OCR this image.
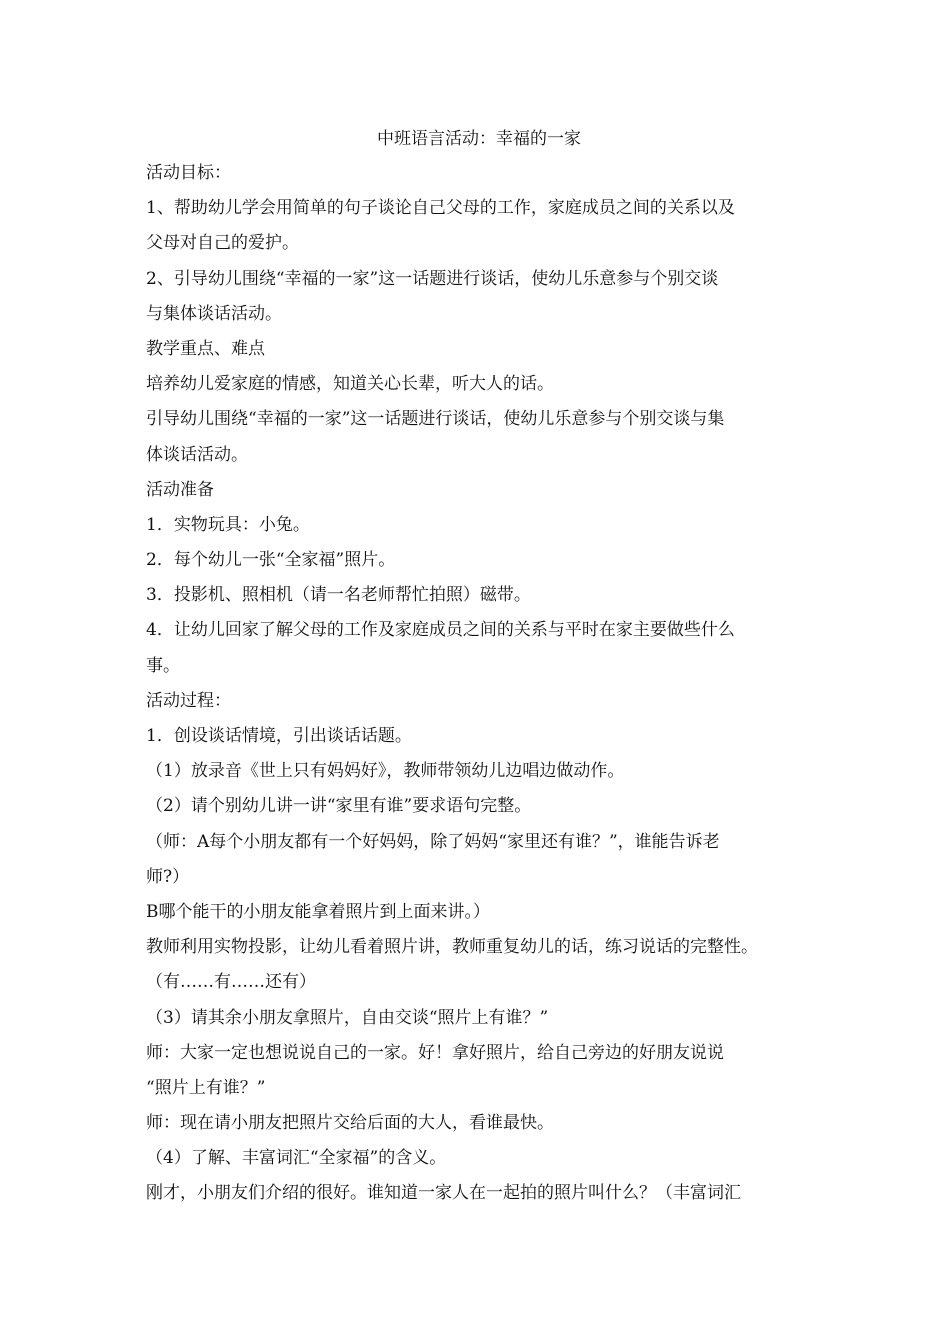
中班语言活动：幸福的一家
活动目标：
1、帮助幼儿学会用简单的句子谈论自己父母的工作，家庭成员之间的关系以及
父母对自己的爱护。
2、引导幼儿围绕“幸福的一家”这一话题进行谈话，使幼儿乐意参与个别交谈
与集体谈话活动。
教学重点、难点
培养幼儿爱家庭的情感，知道关心长辈，听大人的话。
引导幼儿围绕“幸福的一家”这一话题进行谈话，使幼儿乐意参与个别交谈与集
体谈话活动。
活动准备
1．实物玩具：小兔。
2．每个幼儿一张“全家福”照片。
3．投影机、照相机（请一名老师帮忙拍照）磁带。
4．让幼儿回家了解父母的工作及家庭成员之间的关系与平时在家主要做些什么
事。
活动过程：
1．创设谈话情境，引出谈话话题。
（1）放录音《世上只有妈妈好》，教师带领幼儿边唱边做动作。
（2）请个别幼儿讲一讲“家里有谁”要求语句完整。
（师：A每个小朋友都有一个好妈妈，除了妈妈“家里还有谁？”，谁能告诉老
师?）
B哪个能干的小朋友能拿着照片到上面来讲。）
教师利用实物投影，让幼儿看着照片讲，教师重复幼儿的话，练习说话的完整性。
（有……有……还有）
（3）请其余小朋友拿照片，自由交谈“照片上有谁？”
师：大家一定也想说说自己的一家。好！拿好照片，给自己旁边的好朋友说说
“照片上有谁？”
师：现在请小朋友把照片交给后面的大人，看谁最快。
（4）了解、丰富词汇“全家福”的含义。
刚才，小朋友们介绍的很好。谁知道一家人在一起拍的照片叫什么？（丰富词汇
